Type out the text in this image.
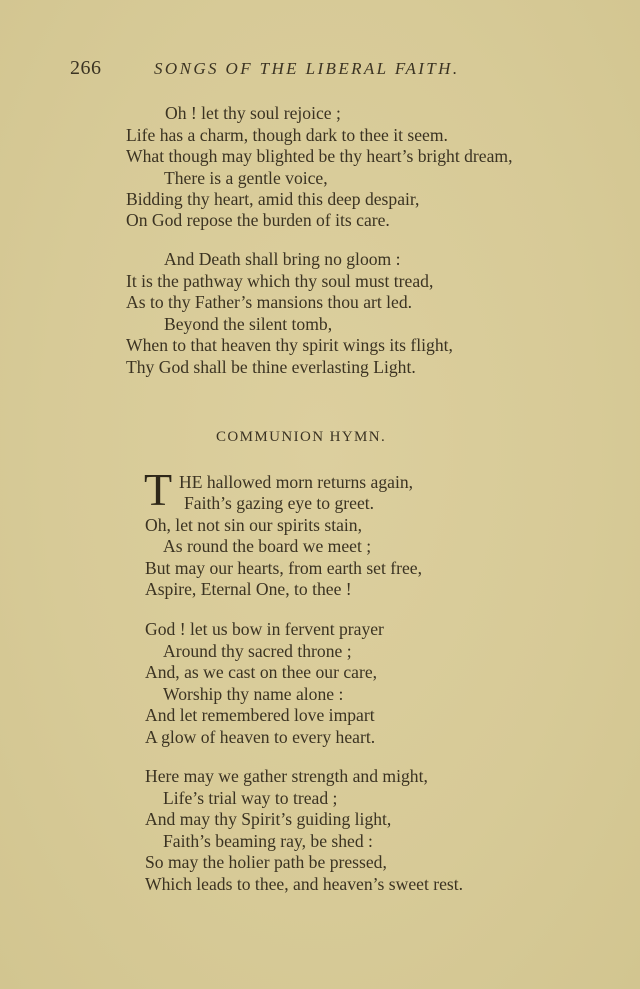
266	SONGS OF THE LIBERAL FAITH.
Oh ! let thy soul rejoice ;
Life has a charm, though dark to thee it seem.
What though may blighted be thy heart’s bright dream,
There is a gentle voice,
Bidding thy heart, amid this deep despair,
On God repose the burden of its care.
And Death shall bring no gloom :
It is the pathway which thy soul must tread,
As to thy Father’s mansions thou art led.
Beyond the silent tomb,
When to that heaven thy spirit wings its flight,
Thy God shall be thine everlasting Light.
COMMUNION HYMN.
T HE hallowed morn returns again,
Faith’s gazing eye to greet.
Oh, let not sin our spirits stain,
As round the board we meet ;
But may our hearts, from earth set free,
Aspire, Eternal One, to thee !
God ! let us bow in fervent prayer
Around thy sacred throne ;
And, as we cast on thee our care,
Worship thy name alone :
And let remembered love impart
A glow of heaven to every heart.
Here may we gather strength and might,
Life’s trial way to tread ;
And may thy Spirit’s guiding light,
Faith’s beaming ray, be shed :
So may the holier path be pressed,
Which leads to thee, and heaven’s sweet rest.
